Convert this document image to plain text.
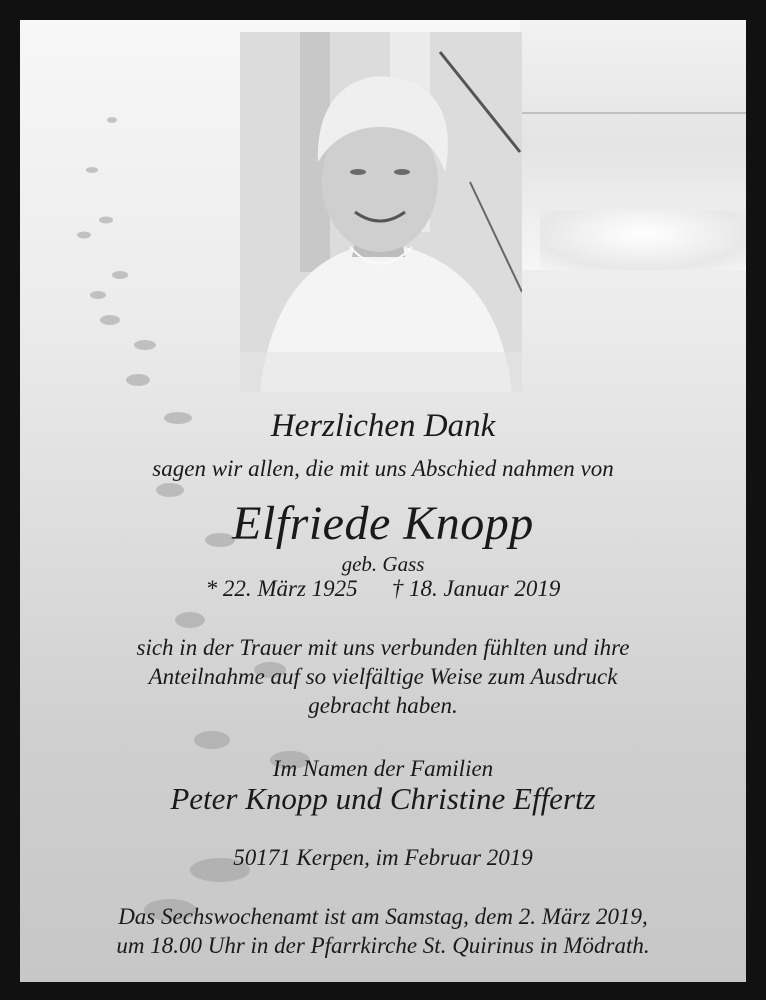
Herzlichen Dank
sagen wir allen, die mit uns Abschied nahmen von
Elfriede Knopp
geb. Gass
* 22. März 1925 † 18. Januar 2019
sich in der Trauer mit uns verbunden fühlten und ihre
Anteilnahme auf so vielfältige Weise zum Ausdruck
gebracht haben.
Im Namen der Familien
Peter Knopp und Christine Effertz
50171 Kerpen, im Februar 2019
Das Sechswochenamt ist am Samstag, dem 2. März 2019,
um 18.00 Uhr in der Pfarrkirche St. Quirinus in Mödrath.
